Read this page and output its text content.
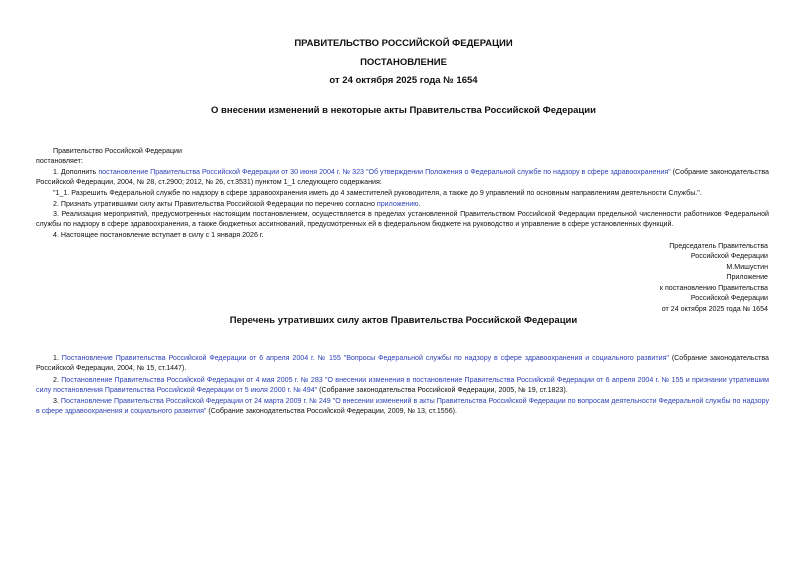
ПРАВИТЕЛЬСТВО РОССИЙСКОЙ ФЕДЕРАЦИИ
ПОСТАНОВЛЕНИЕ
от 24 октября 2025 года № 1654
О внесении изменений в некоторые акты Правительства Российской Федерации
Правительство Российской Федерации
постановляет:
1. Дополнить постановление Правительства Российской Федерации от 30 июня 2004 г. № 323 "Об утверждении Положения о Федеральной службе по надзору в сфере здравоохранения" (Собрание законодательства Российской Федерации, 2004, № 28, ст.2900; 2012, № 26, ст.3531) пунктом 1_1 следующего содержания:
"1_1. Разрешить Федеральной службе по надзору в сфере здравоохранения иметь до 4 заместителей руководителя, а также до 9 управлений по основным направлениям деятельности Службы.".
2. Признать утратившими силу акты Правительства Российской Федерации по перечню согласно приложению.
3. Реализация мероприятий, предусмотренных настоящим постановлением, осуществляется в пределах установленной Правительством Российской Федерации предельной численности работников Федеральной службы по надзору в сфере здравоохранения, а также бюджетных ассигнований, предусмотренных ей в федеральном бюджете на руководство и управление в сфере установленных функций.
4. Настоящее постановление вступает в силу с 1 января 2026 г.
Председатель Правительства
Российской Федерации
М.Мишустин
Приложение
к постановлению Правительства
Российской Федерации
от 24 октября 2025 года № 1654
Перечень утративших силу актов Правительства Российской Федерации
1. Постановление Правительства Российской Федерации от 6 апреля 2004 г. № 155 "Вопросы Федеральной службы по надзору в сфере здравоохранения и социального развития" (Собрание законодательства Российской Федерации, 2004, № 15, ст.1447).
2. Постановление Правительства Российской Федерации от 4 мая 2005 г. № 283 "О внесении изменения в постановление Правительства Российской Федерации от 6 апреля 2004 г. № 155 и признании утратившим силу постановления Правительства Российской Федерации от 5 июля 2000 г. № 494" (Собрание законодательства Российской Федерации, 2005, № 19, ст.1823).
3. Постановление Правительства Российской Федерации от 24 марта 2009 г. № 249 "О внесении изменений в акты Правительства Российской Федерации по вопросам деятельности Федеральной службы по надзору в сфере здравоохранения и социального развития" (Собрание законодательства Российской Федерации, 2009, № 13, ст.1556).
